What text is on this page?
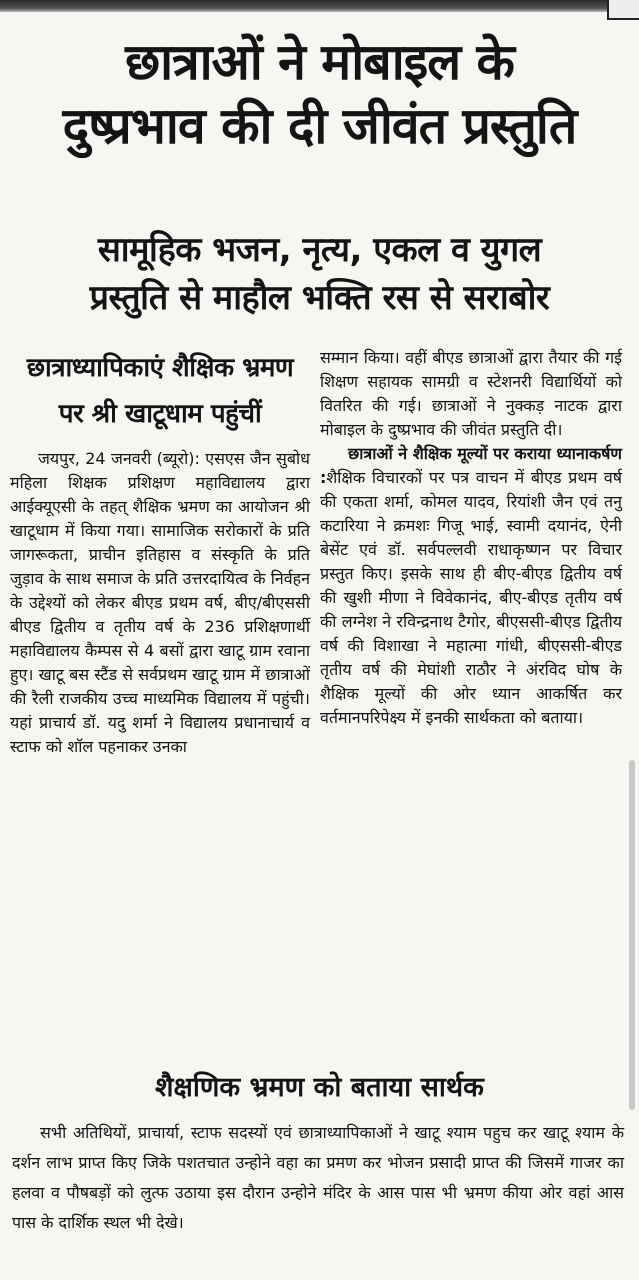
छात्राओं ने मोबाइल के
दुष्प्रभाव की दी जीवंत प्रस्तुति
सामूहिक भजन, नृत्य, एकल व युगल
प्रस्तुति से माहौल भक्ति रस से सराबोर
छात्राध्यापिकाएं शैक्षिक भ्रमण
पर श्री खाटूधाम पहुंचीं

जयपुर, 24 जनवरी (ब्यूरो): एसएस जैन सुबोध महिला शिक्षक प्रशिक्षण महाविद्यालय द्वारा आईक्यूएसी के तहत् शैक्षिक भ्रमण का आयोजन श्री खाटूधाम में किया गया। सामाजिक सरोकारों के प्रति जागरूकता, प्राचीन इतिहास व संस्कृति के प्रति जुड़ाव के साथ समाज के प्रति उत्तरदायित्व के निर्वहन के उद्देश्यों को लेकर बीएड प्रथम वर्ष, बीए/बीएससी बीएड द्वितीय व तृतीय वर्ष के 236 प्रशिक्षणार्थी महाविद्यालय कैम्पस से 4 बसों द्वारा खाटू ग्राम रवाना हुए। खाटू बस स्टैंड से सर्वप्रथम खाटू ग्राम में छात्राओं की रैली राजकीय उच्च माध्यमिक विद्यालय में पहुंची। यहां प्राचार्य डॉ. यदु शर्मा ने विद्यालय प्रधानाचार्य व स्टाफ को शॉल पहनाकर उनका

सम्मान किया। वहीं बीएड छात्राओं द्वारा तैयार की गई शिक्षण सहायक सामग्री व स्टेशनरी विद्यार्थियों को वितरित की गई। छात्राओं ने नुक्कड़ नाटक द्वारा मोबाइल के दुष्प्रभाव की जीवंत प्रस्तुति दी।

छात्राओं ने शैक्षिक मूल्यों पर कराया ध्यानाकर्षण :शैक्षिक विचारकों पर पत्र वाचन में बीएड प्रथम वर्ष की एकता शर्मा, कोमल यादव, रियांशी जैन एवं तनु कटारिया ने क्रमशः गिजू भाई, स्वामी दयानंद, ऐनी बेसेंट एवं डॉ. सर्वपल्लवी राधाकृष्णन पर विचार प्रस्तुत किए। इसके साथ ही बीए-बीएड द्वितीय वर्ष की खुशी मीणा ने विवेकानंद, बीए-बीएड तृतीय वर्ष की लग्नेश ने रविन्द्रनाथ टैगोर, बीएससी-बीएड द्वितीय वर्ष की विशाखा ने महात्मा गांधी, बीएससी-बीएड तृतीय वर्ष की मेघांशी राठौर ने अंरविद घोष के शैक्षिक मूल्यों की ओर ध्यान आकर्षित कर वर्तमानपरिपेक्ष्य में इनकी सार्थकता को बताया।

शैक्षणिक भ्रमण को बताया सार्थक

सभी अतिथियों, प्राचार्या, स्टाफ सदस्यों एवं छात्राध्यापिकाओं ने खाटू श्याम पहुच कर खाटू श्याम के दर्शन लाभ प्राप्त किए जिके पशतचात उन्होने वहा का प्रमण कर भोजन प्रसादी प्राप्त की जिसमें गाजर का हलवा व पौषबड़ों को लुत्फ उठाया इस दौरान उन्होने मंदिर के आस पास भी भ्रमण कीया ओर वहां आस पास के दार्शिक स्थल भी देखे।
